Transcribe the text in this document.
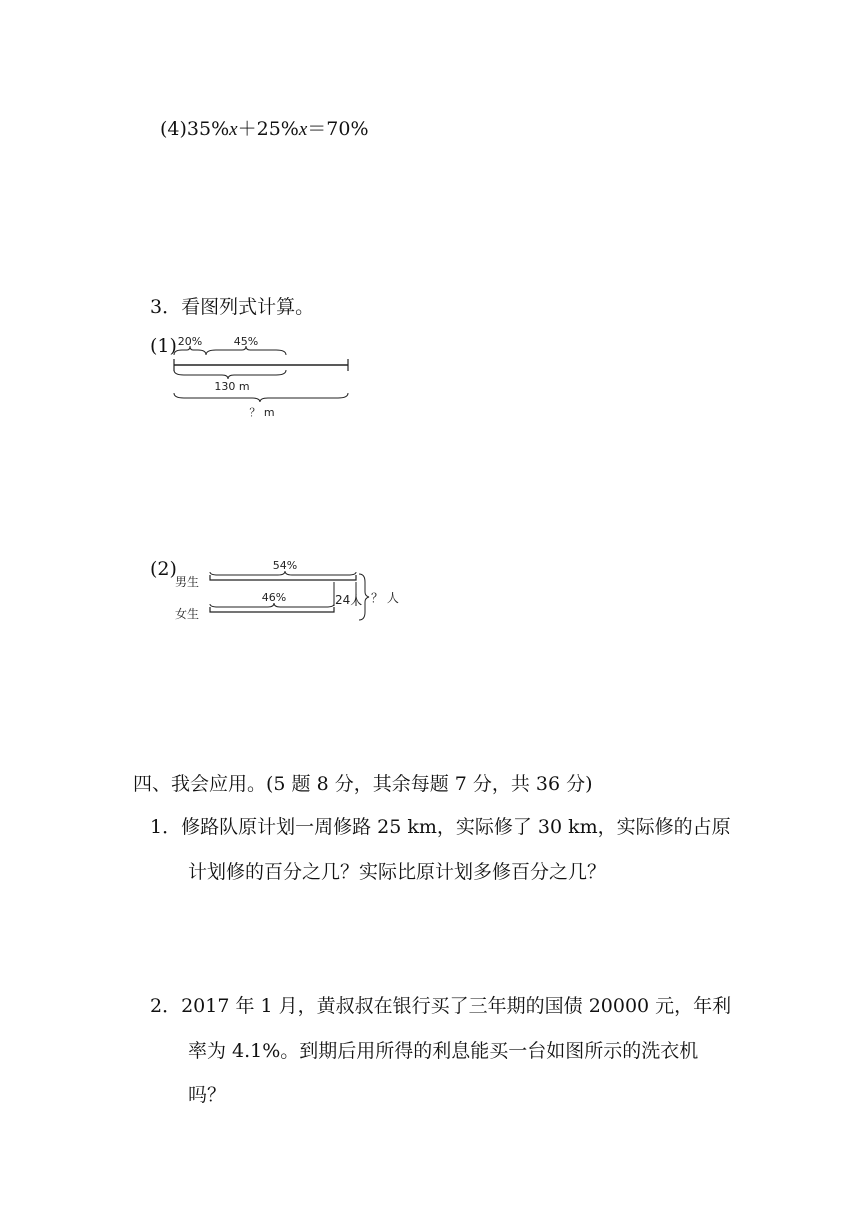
(4)35%x＋25%x＝70%
3．看图列式计算。
(1) 20%	45%
130 m
？ m
(2)
男生
女生
54%
46%	24人 ？ 人
四、我会应用。(5 题 8 分，其余每题 7 分，共 36 分)
1．修路队原计划一周修路 25 km，实际修了 30 km，实际修的占原
计划修的百分之几？实际比原计划多修百分之几？
2．2017 年 1 月，黄叔叔在银行买了三年期的国债 20000 元，年利
率为 4.1%。到期后用所得的利息能买一台如图所示的洗衣机
吗？
